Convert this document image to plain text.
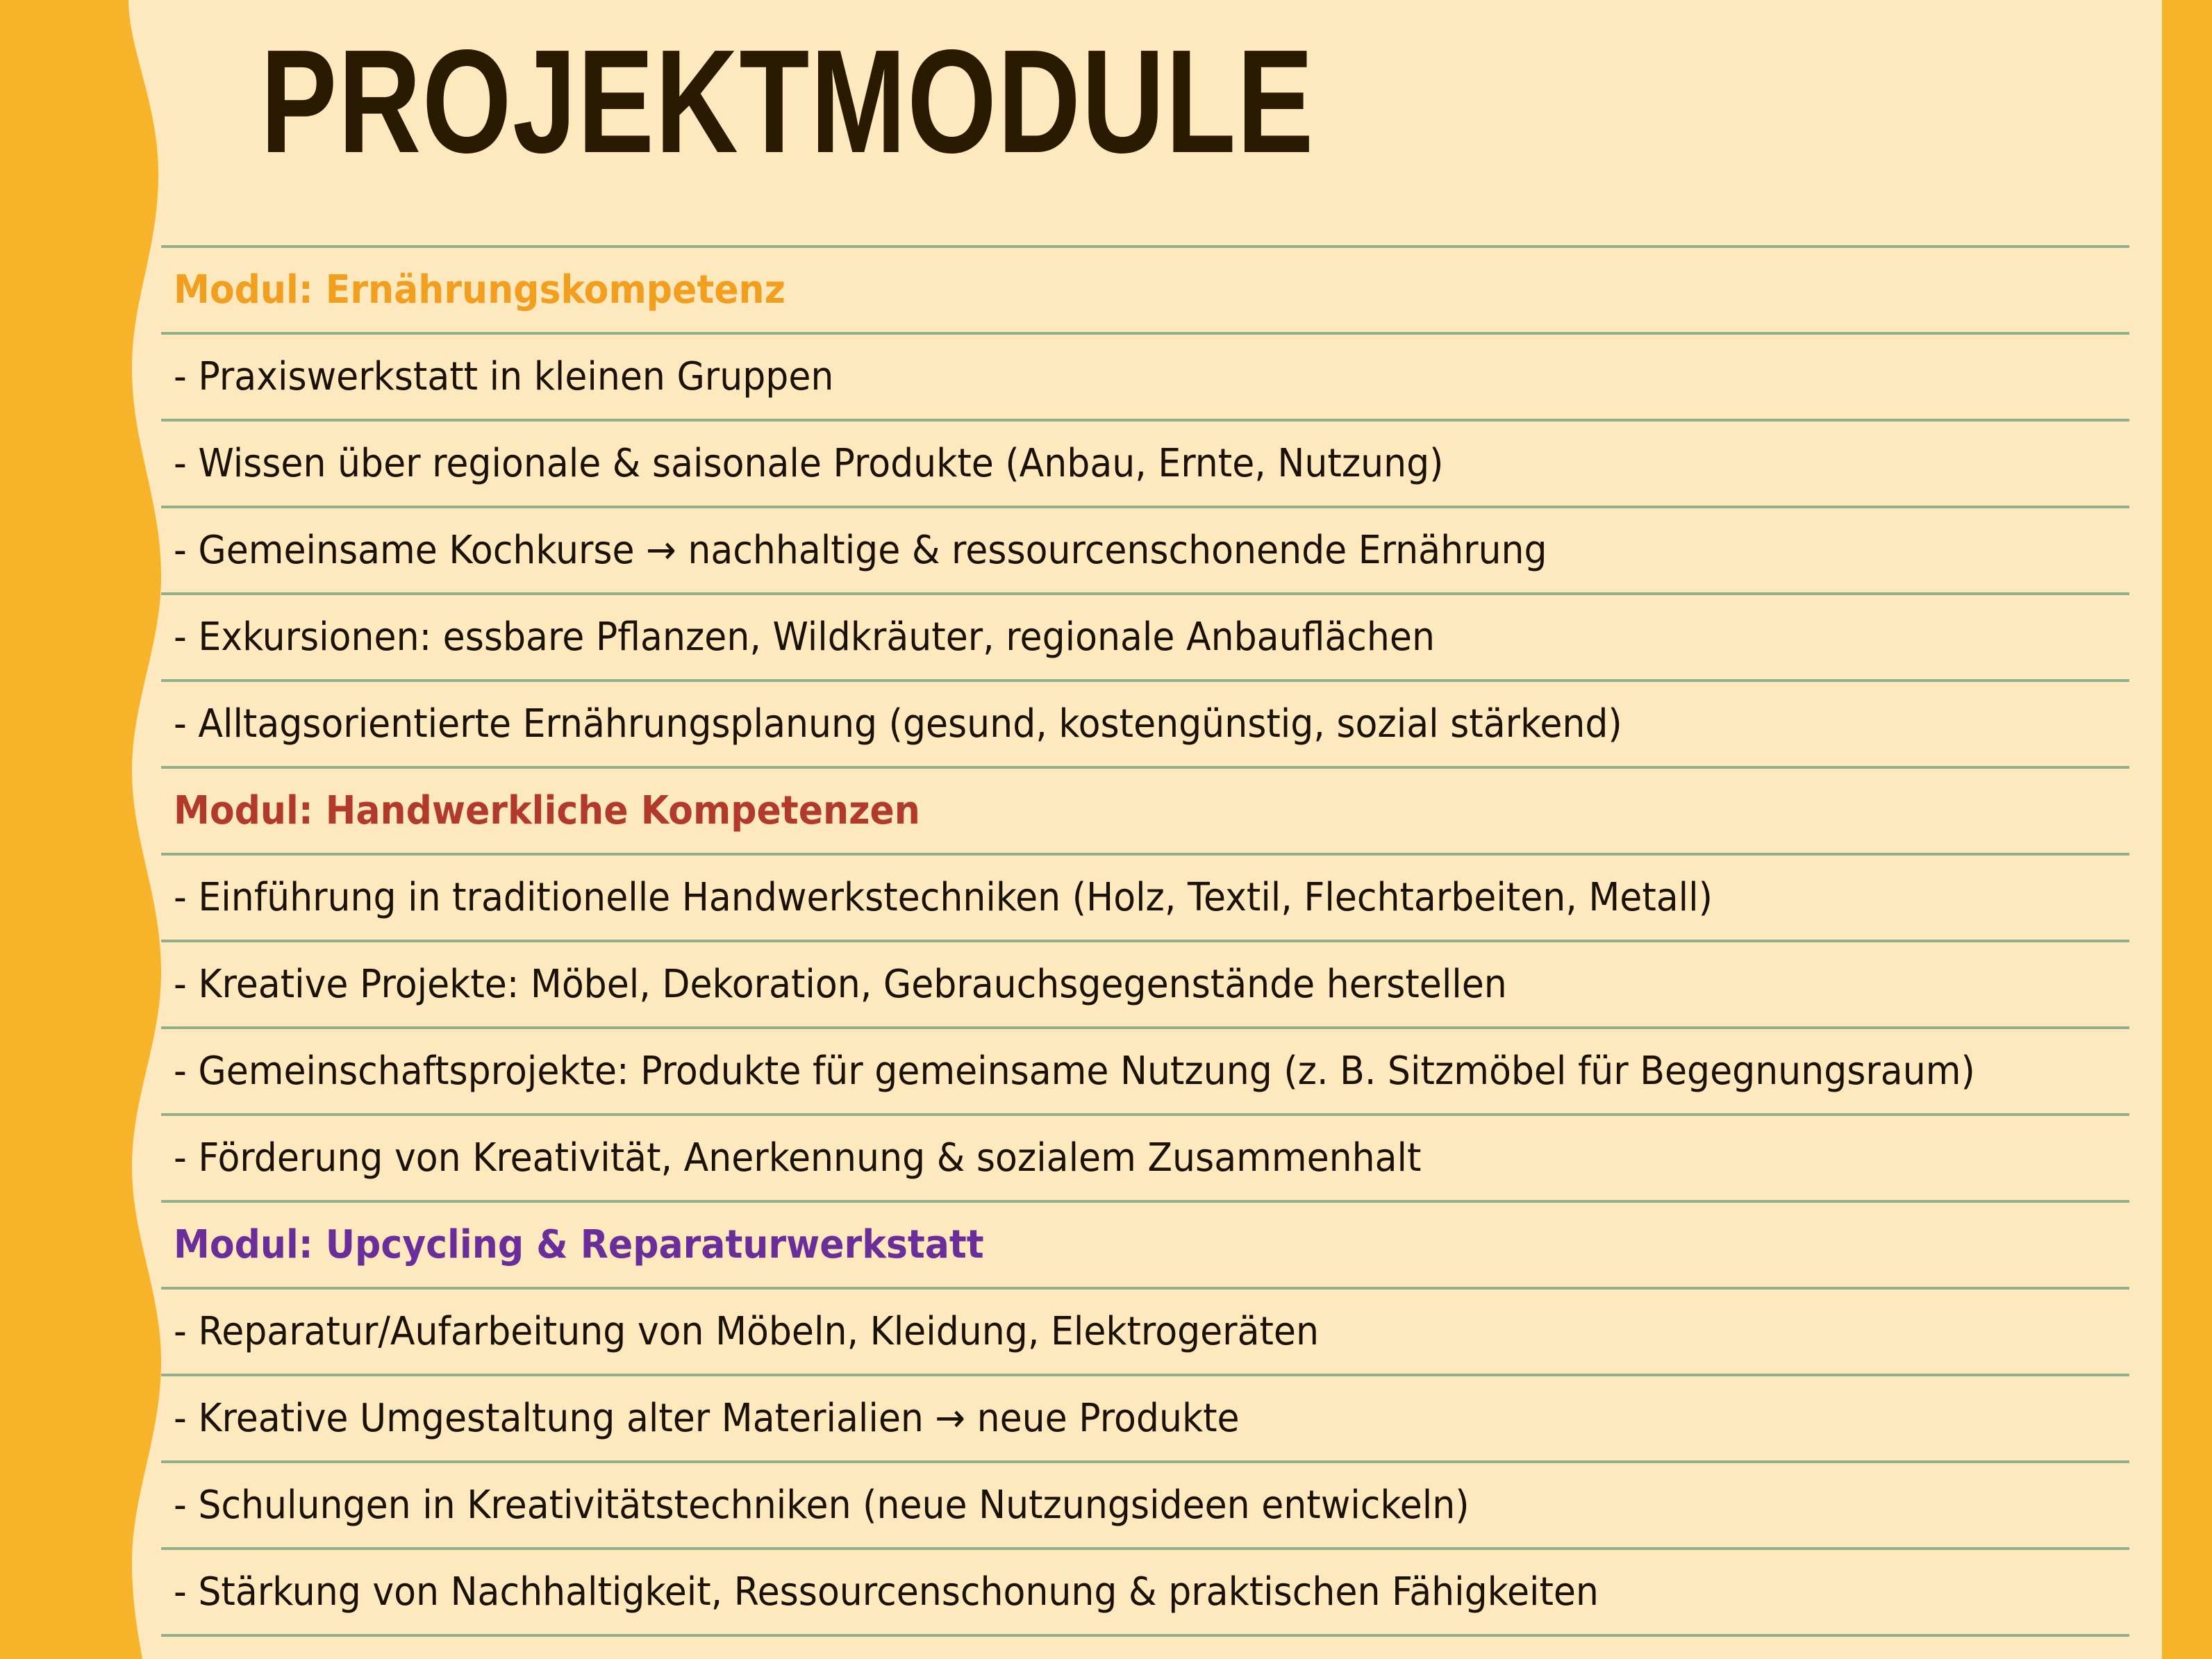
PROJEKTMODULE
Modul: Ernährungskompetenz
- Praxiswerkstatt in kleinen Gruppen
- Wissen über regionale & saisonale Produkte (Anbau, Ernte, Nutzung)
- Gemeinsame Kochkurse → nachhaltige & ressourcenschonende Ernährung
- Exkursionen: essbare Pflanzen, Wildkräuter, regionale Anbauflächen
- Alltagsorientierte Ernährungsplanung (gesund, kostengünstig, sozial stärkend)
Modul: Handwerkliche Kompetenzen
- Einführung in traditionelle Handwerkstechniken (Holz, Textil, Flechtarbeiten, Metall)
- Kreative Projekte: Möbel, Dekoration, Gebrauchsgegenstände herstellen
- Gemeinschaftsprojekte: Produkte für gemeinsame Nutzung (z. B. Sitzmöbel für Begegnungsraum)
- Förderung von Kreativität, Anerkennung & sozialem Zusammenhalt
Modul: Upcycling & Reparaturwerkstatt
- Reparatur/Aufarbeitung von Möbeln, Kleidung, Elektrogeräten
- Kreative Umgestaltung alter Materialien → neue Produkte
- Schulungen in Kreativitätstechniken (neue Nutzungsideen entwickeln)
- Stärkung von Nachhaltigkeit, Ressourcenschonung & praktischen Fähigkeiten
